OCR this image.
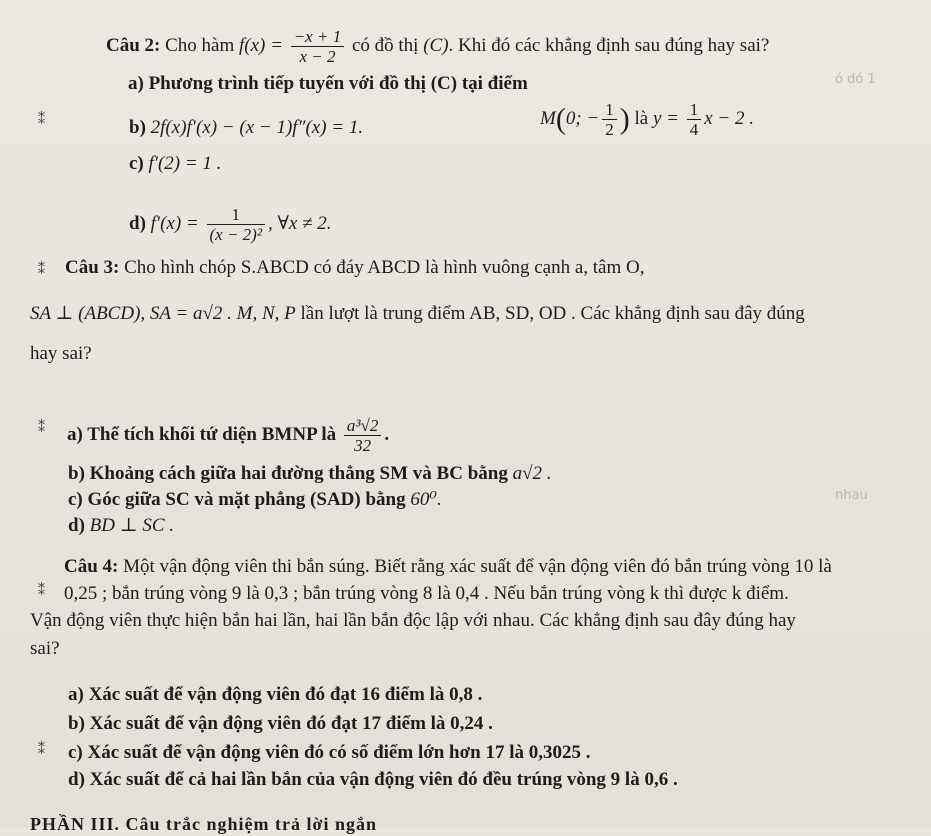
ó dó 1
nhau
Câu 2: Cho hàm $f(x) = \frac{-x + 1}{x - 2}$ có đồ thị (C). Khi đó các khẳng định sau đúng hay sai?
a) Phương trình tiếp tuyến với đồ thị (C) tại điểm
M(0; − $\frac{1}{2}$ ) là $y = \frac{1}{4}$ x − 2 .
⁑	b) 2f(x)f′(x) − (x − 1)f″(x) = 1.
c) f′(2) = 1 .
d) $f'(x) = \frac{1}{\text{(x − 2)²}}$ , ∀x ≠ 2.
⁑ Câu 3: Cho hình chóp S.ABCD có đáy ABCD là hình vuông cạnh a, tâm O,
SA ⊥ (ABCD), SA = a√2 . M, N, P lần lượt là trung điểm AB, SD, OD . Các khẳng định sau đây đúng
hay sai?
a) Thể tích khối tứ diện BMNP là $\frac{\text{a³√2}}{32}$ .
⁑
b) Khoảng cách giữa hai đường thẳng SM và BC bằng a√2 .
c) Góc giữa SC và mặt phẳng (SAD) bằng 60⁰.
d) BD ⊥ SC .
Câu 4: Một vận động viên thi bắn súng. Biết rằng xác suất để vận động viên đó bắn trúng vòng 10 là
⁑ 0,25 ; bắn trúng vòng 9 là 0,3 ; bắn trúng vòng 8 là 0,4 . Nếu bắn trúng vòng k thì được k điểm.
Vận động viên thực hiện bắn hai lần, hai lần bắn độc lập với nhau. Các khẳng định sau đây đúng hay
sai?
a) Xác suất để vận động viên đó đạt 16 điểm là 0,8 .
b) Xác suất để vận động viên đó đạt 17 điểm là 0,24 .
⁑ c) Xác suất để vận động viên đó có số điểm lớn hơn 17 là 0,3025 .
d) Xác suất để cả hai lần bắn của vận động viên đó đều trúng vòng 9 là 0,6 .
PHẦN III. Câu trắc nghiệm trả lời ngắn
